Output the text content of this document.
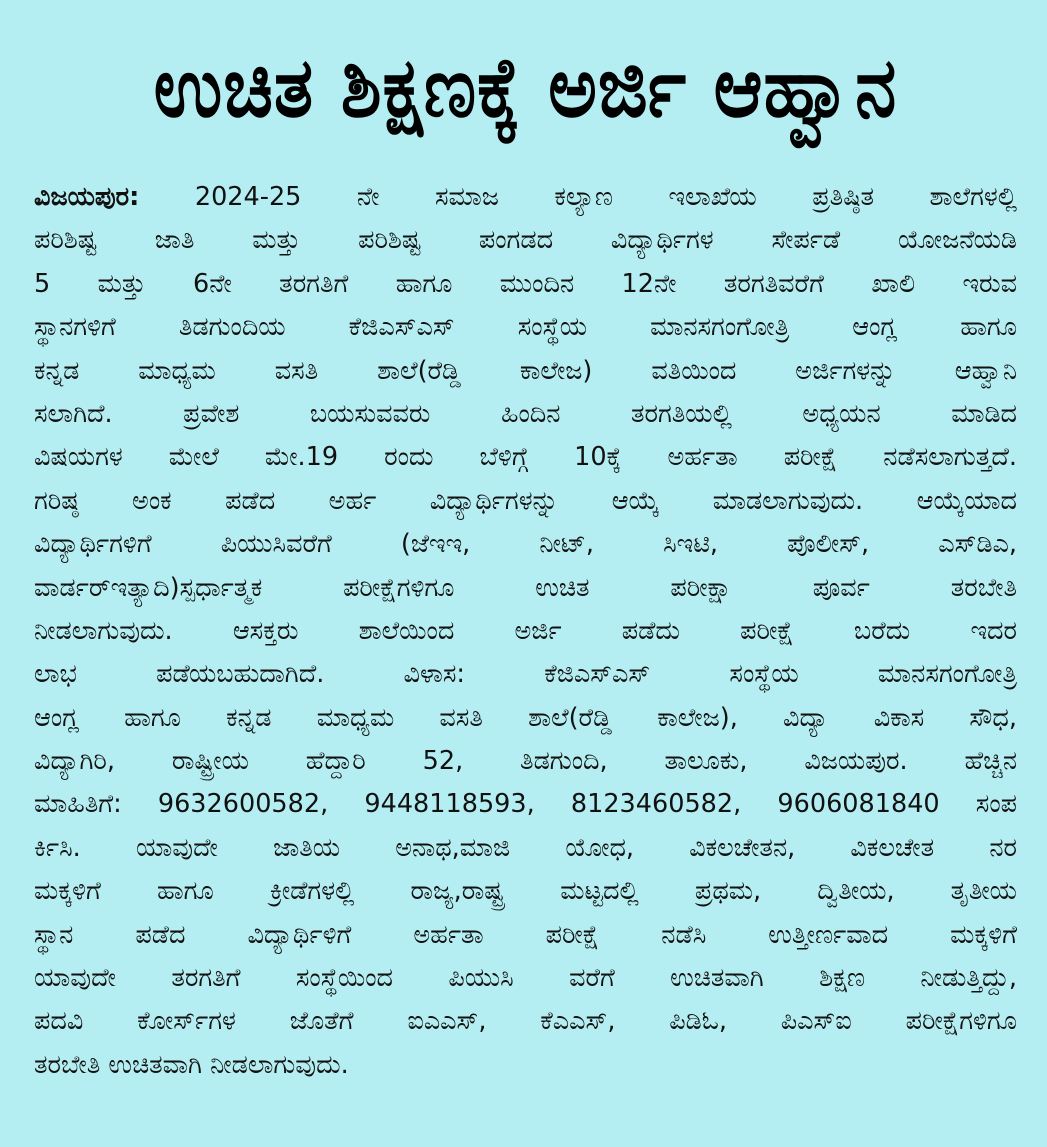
ಉಚಿತ ಶಿಕ್ಷಣಕ್ಕೆ ಅರ್ಜಿ ಆಹ್ವಾನ
ವಿಜಯಪುರ: 2024-25 ನೇ ಸಮಾಜ ಕಲ್ಯಾಣ ಇಲಾಖೆಯ ಪ್ರತಿಷ್ಠಿತ ಶಾಲೆಗಳಲ್ಲಿ
ಪರಿಶಿಷ್ಟ ಜಾತಿ ಮತ್ತು ಪರಿಶಿಷ್ಟ ಪಂಗಡದ ವಿದ್ಯಾರ್ಥಿಗಳ ಸೇರ್ಪಡೆ ಯೋಜನೆಯಡಿ
5 ಮತ್ತು 6ನೇ ತರಗತಿಗೆ ಹಾಗೂ ಮುಂದಿನ 12ನೇ ತರಗತಿವರೆಗೆ ಖಾಲಿ ಇರುವ
ಸ್ಥಾನಗಳಿಗೆ ತಿಡಗುಂದಿಯ ಕೆಜಿಎಸ್‌ಎಸ್ ಸಂಸ್ಥೆಯ ಮಾನಸಗಂಗೋತ್ರಿ ಆಂಗ್ಲ ಹಾಗೂ
ಕನ್ನಡ ಮಾಧ್ಯಮ ವಸತಿ ಶಾಲೆ(ರೆಡ್ಡಿ ಕಾಲೇಜ) ವತಿಯಿಂದ ಅರ್ಜಿಗಳನ್ನು ಆಹ್ವಾನಿ
ಸಲಾಗಿದೆ. ಪ್ರವೇಶ ಬಯಸುವವರು ಹಿಂದಿನ ತರಗತಿಯಲ್ಲಿ ಅಧ್ಯಯನ ಮಾಡಿದ
ವಿಷಯಗಳ ಮೇಲೆ ಮೇ.19 ರಂದು ಬೆಳಿಗ್ಗೆ 10ಕ್ಕೆ ಅರ್ಹತಾ ಪರೀಕ್ಷೆ ನಡೆಸಲಾಗುತ್ತದೆ.
ಗರಿಷ್ಠ ಅಂಕ ಪಡೆದ ಅರ್ಹ ವಿದ್ಯಾರ್ಥಿಗಳನ್ನು ಆಯ್ಕೆ ಮಾಡಲಾಗುವುದು. ಆಯ್ಕೆಯಾದ
ವಿದ್ಯಾರ್ಥಿಗಳಿಗೆ ಪಿಯುಸಿವರೆಗೆ (ಜೆಇಇ, ನೀಟ್, ಸಿಇಟಿ, ಪೊಲೀಸ್, ಎಸ್‌ಡಿಎ,
ವಾರ್ಡರ್‌ಇತ್ಯಾದಿ)ಸ್ಪರ್ಧಾತ್ಮಕ ಪರೀಕ್ಷೆಗಳಿಗೂ ಉಚಿತ ಪರೀಕ್ಷಾ ಪೂರ್ವ ತರಬೇತಿ
ನೀಡಲಾಗುವುದು. ಆಸಕ್ತರು ಶಾಲೆಯಿಂದ ಅರ್ಜಿ ಪಡೆದು ಪರೀಕ್ಷೆ ಬರೆದು ಇದರ
ಲಾಭ ಪಡೆಯಬಹುದಾಗಿದೆ. ವಿಳಾಸ: ಕೆಜಿಎಸ್‌ಎಸ್ ಸಂಸ್ಥೆಯ ಮಾನಸಗಂಗೋತ್ರಿ
ಆಂಗ್ಲ ಹಾಗೂ ಕನ್ನಡ ಮಾಧ್ಯಮ ವಸತಿ ಶಾಲೆ(ರೆಡ್ಡಿ ಕಾಲೇಜ), ವಿದ್ಯಾ ವಿಕಾಸ ಸೌಧ,
ವಿದ್ಯಾಗಿರಿ, ರಾಷ್ಟ್ರೀಯ ಹೆದ್ದಾರಿ 52, ತಿಡಗುಂದಿ, ತಾಲೂಕು, ವಿಜಯಪುರ. ಹೆಚ್ಚಿನ
ಮಾಹಿತಿಗೆ: 9632600582, 9448118593, 8123460582, 9606081840 ಸಂಪ
ರ್ಕಿಸಿ. ಯಾವುದೇ ಜಾತಿಯ ಅನಾಥ,ಮಾಜಿ ಯೋಧ, ವಿಕಲಚೇತನ, ವಿಕಲಚೇತ ನರ
ಮಕ್ಕಳಿಗೆ ಹಾಗೂ ಕ್ರೀಡೆಗಳಲ್ಲಿ ರಾಜ್ಯ,ರಾಷ್ಟ್ರ ಮಟ್ಟದಲ್ಲಿ ಪ್ರಥಮ, ದ್ವಿತೀಯ, ತೃತೀಯ
ಸ್ಥಾನ ಪಡೆದ ವಿದ್ಯಾರ್ಥಿಳಿಗೆ ಅರ್ಹತಾ ಪರೀಕ್ಷೆ ನಡೆಸಿ ಉತ್ತೀರ್ಣವಾದ ಮಕ್ಕಳಿಗೆ
ಯಾವುದೇ ತರಗತಿಗೆ ಸಂಸ್ಥೆಯಿಂದ ಪಿಯುಸಿ ವರೆಗೆ ಉಚಿತವಾಗಿ ಶಿಕ್ಷಣ ನೀಡುತ್ತಿದ್ದು,
ಪದವಿ ಕೋರ್ಸ್‌ಗಳ ಜೊತೆಗೆ ಐಎಎಸ್, ಕೆಎಎಸ್, ಪಿಡಿಓ, ಪಿಎಸ್‌ಐ ಪರೀಕ್ಷೆಗಳಿಗೂ
ತರಬೇತಿ ಉಚಿತವಾಗಿ ನೀಡಲಾಗುವುದು.
